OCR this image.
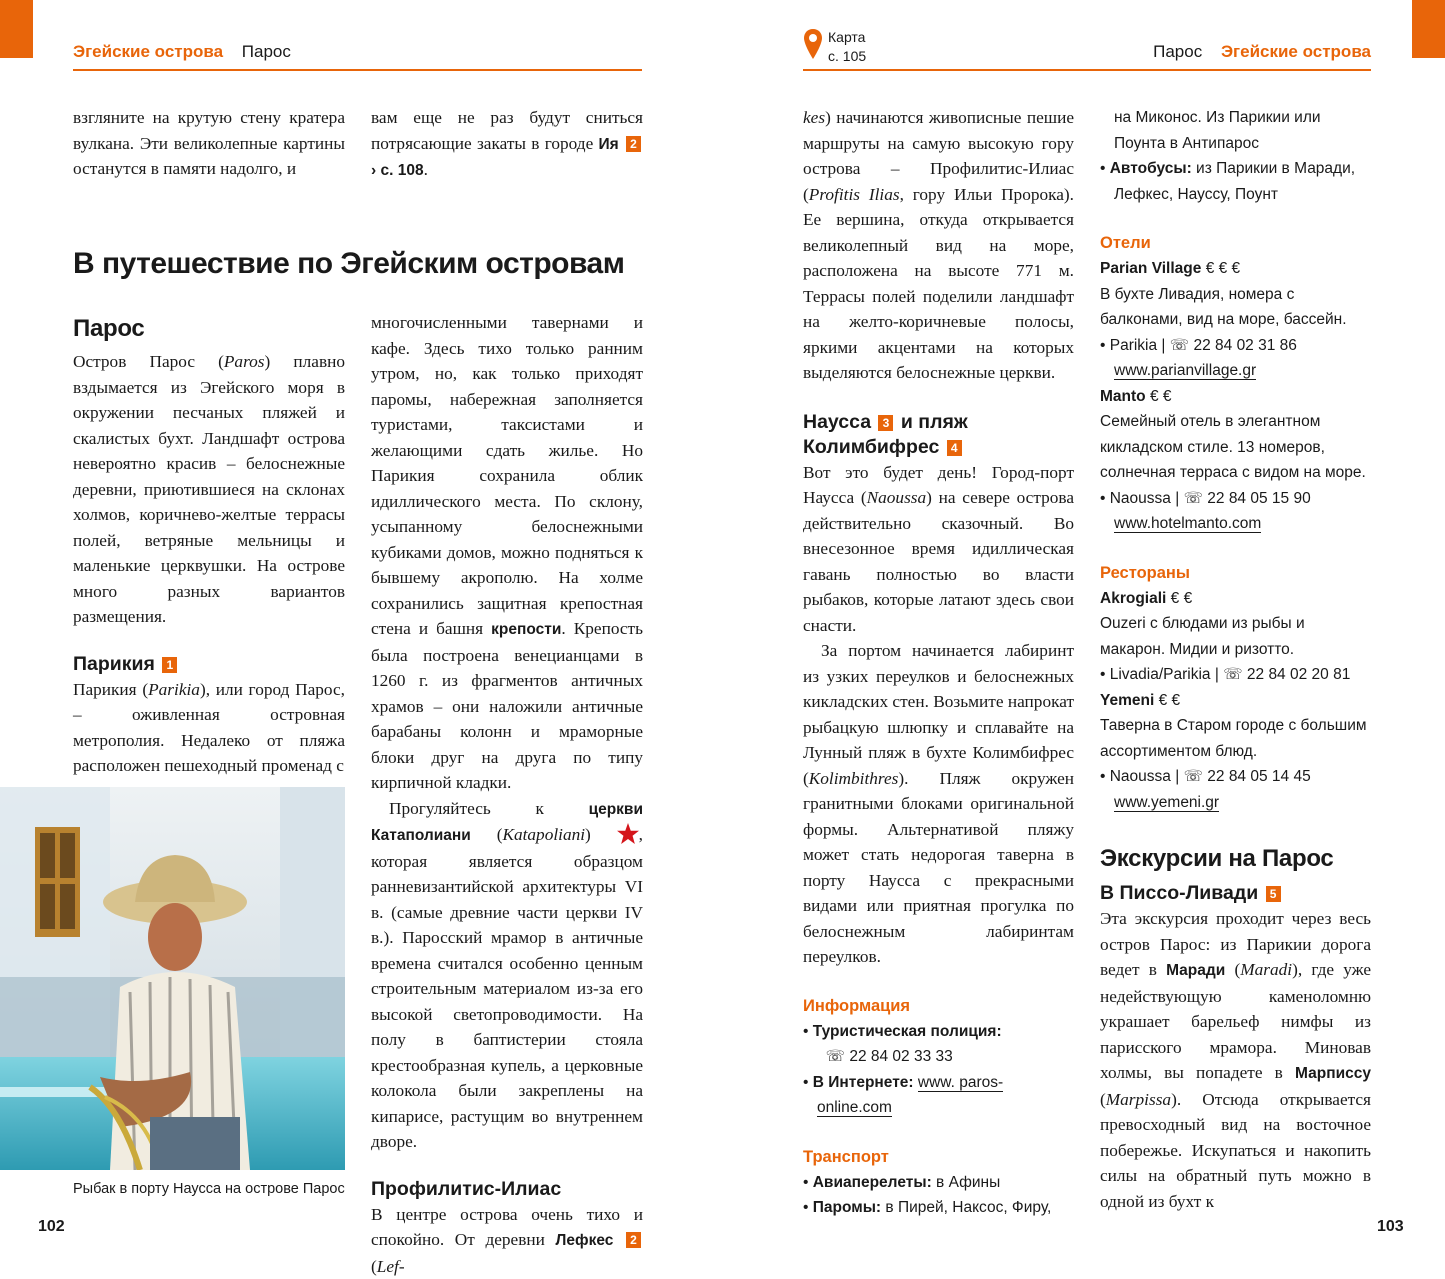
Эгейские острова Парос

взгляните на крутую стену кратера вулкана. Эти великолепные картины останутся в памяти надолго, и

вам еще не раз будут сниться потрясающие закаты в городе Ия 2 › с. 108.

В путешествие по Эгейским островам
Парос

Остров Парос (Paros) плавно вздымается из Эгейского моря в окружении песчаных пляжей и скалистых бухт. Ландшафт острова невероятно красив – белоснежные деревни, приютившиеся на склонах холмов, коричнево-желтые террасы полей, ветряные мельницы и маленькие церквушки. На острове много разных вариантов размещения.

Парикия 1

Парикия (Parikia), или город Парос, – оживленная островная метрополия. Недалеко от пляжа расположен пешеходный променад с

многочисленными тавернами и кафе. Здесь тихо только ранним утром, но, как только приходят паромы, набережная заполняется туристами, таксистами и желающими сдать жилье. Но Парикия сохранила облик идиллического места. По склону, усыпанному белоснежными кубиками домов, можно подняться к бывшему акрополю. На холме сохранились защитная крепостная стена и башня крепости. Крепость была построена венецианцами в 1260 г. из фрагментов античных храмов – они наложили античные барабаны колонн и мраморные блоки друг на друга по типу кирпичной кладки.

Прогуляйтесь к	церкви Катаполиани (Katapoliani) , которая является образцом ранневизантийской архитектуры VI в. (самые древние части церкви IV в.). Паросский мрамор в античные времена считался особенно ценным строительным материалом из-за его высокой светопроводимости. На полу в баптистерии стояла крестообразная купель, а церковные колокола были закреплены на кипарисе, растущим во внутреннем дворе.

Профилитис-Илиас

В центре острова очень тихо и спокойно. От деревни Лефкес 2 (Lef-

Рыбак в порту Наусса на острове Парос
102
Карта
с. 105	Парос Эгейские острова

kes) начинаются живописные пешие маршруты на самую высокую гору острова – Профилитис-Илиас (Profitis Ilias, гору Ильи Пророка). Ее вершина, откуда открывается великолепный вид на море, расположена на высоте 771 м. Террасы полей поделили ландшафт на желто-коричневые полосы, яркими акцентами на которых выделяются белоснежные церкви.

Наусса 3 и пляж
Колимбифрес 4

Вот это будет день! Город-порт Наусса (Naoussa) на севере острова действительно сказочный. Во внесезонное время идиллическая гавань полностью во власти рыбаков, которые латают здесь свои снасти.

За портом начинается лабиринт из узких переулков и белоснежных кикладских стен. Возьмите напрокат рыбацкую шлюпку и сплавайте на Лунный пляж в бухте Колимбифрес (Kolimbithres). Пляж окружен гранитными блоками оригинальной формы. Альтернативой пляжу может стать недорогая таверна в порту Наусса с прекрасными видами или приятная прогулка по белоснежным лабиринтам переулков.

Информация

• Туристическая полиция:
☏ 22 84 02 33 33

• В Интернете: www. paros-online.com

Транспорт

• Авиаперелеты: в Афины

• Паромы: в Пирей, Наксос, Фиру,

на Миконос. Из Парикии или Поунта в Антипарос

• Автобусы: из Парикии в Маради, Лефкес, Науссу, Поунт

Отели

Parian Village € € €
В бухте Ливадия, номера с балконами, вид на море, бассейн.

• Parikia | ☏ 22 84 02 31 86
www.parianvillage.gr

Manto € €
Семейный отель в элегантном кикладском стиле. 13 номеров, солнечная терраса с видом на море.

• Naoussa | ☏ 22 84 05 15 90
www.hotelmanto.com

Рестораны

Akrogiali € €
Ouzeri с блюдами из рыбы и макарон. Мидии и ризотто.

• Livadia/Parikia | ☏ 22 84 02 20 81

Yemeni € €
Таверна в Старом городе с большим ассортиментом блюд.

• Naoussa | ☏ 22 84 05 14 45
www.yemeni.gr

Экскурсии на Парос
В Писсо-Ливади 5

Эта экскурсия проходит через весь остров Парос: из Парикии дорога ведет в Маради (Maradi), где уже недействующую каменоломню украшает барельеф нимфы из парисского мрамора. Миновав холмы, вы попадете в Марписсу (Marpissa). Отсюда открывается превосходный вид на восточное побережье. Искупаться и накопить силы на обратный путь можно в одной из бухт к

103
